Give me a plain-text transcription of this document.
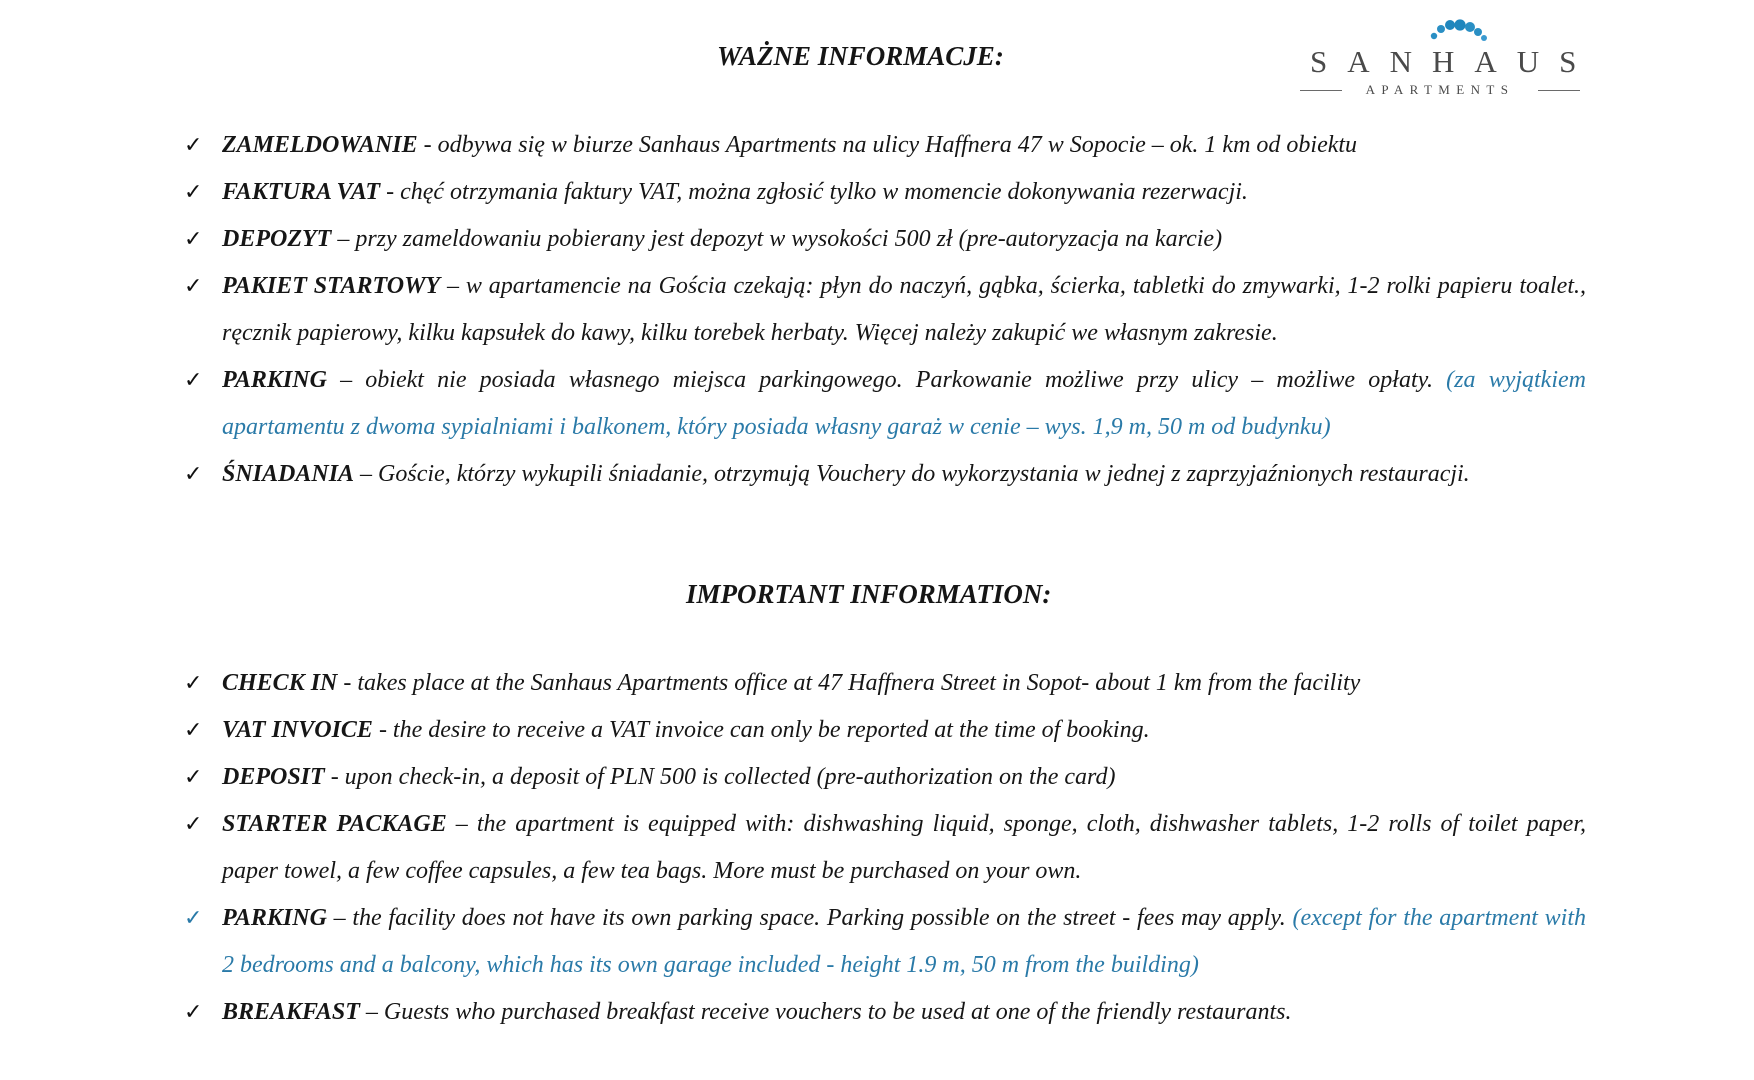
SANHAUS
APARTMENTS
WAŻNE INFORMACJE:
✓ ZAMELDOWANIE - odbywa się w biurze Sanhaus Apartments na ulicy Haffnera 47 w Sopocie – ok. 1 km od obiektu
✓ FAKTURA VAT - chęć otrzymania faktury VAT, można zgłosić tylko w momencie dokonywania rezerwacji.
✓ DEPOZYT – przy zameldowaniu pobierany jest depozyt w wysokości 500 zł (pre-autoryzacja na karcie)
✓ PAKIET STARTOWY – w apartamencie na Gościa czekają: płyn do naczyń, gąbka, ścierka, tabletki do zmywarki, 1-2 rolki papieru toalet., ręcznik papierowy, kilku kapsułek do kawy, kilku torebek herbaty. Więcej należy zakupić we własnym zakresie.
✓ PARKING – obiekt nie posiada własnego miejsca parkingowego. Parkowanie możliwe przy ulicy – możliwe opłaty. (za wyjątkiem apartamentu z dwoma sypialniami i balkonem, który posiada własny garaż w cenie – wys. 1,9 m, 50 m od budynku)
✓ ŚNIADANIA – Goście, którzy wykupili śniadanie, otrzymują Vouchery do wykorzystania w jednej z zaprzyjaźnionych restauracji.
IMPORTANT INFORMATION:
✓ CHECK IN - takes place at the Sanhaus Apartments office at 47 Haffnera Street in Sopot- about 1 km from the facility
✓ VAT INVOICE - the desire to receive a VAT invoice can only be reported at the time of booking.
✓ DEPOSIT - upon check-in, a deposit of PLN 500 is collected (pre-authorization on the card)
✓ STARTER PACKAGE – the apartment is equipped with: dishwashing liquid, sponge, cloth, dishwasher tablets, 1-2 rolls of toilet paper, paper towel, a few coffee capsules, a few tea bags. More must be purchased on your own.
✓ PARKING – the facility does not have its own parking space. Parking possible on the street - fees may apply. (except for the apartment with 2 bedrooms and a balcony, which has its own garage included - height 1.9 m, 50 m from the building)
✓ BREAKFAST – Guests who purchased breakfast receive vouchers to be used at one of the friendly restaurants.
